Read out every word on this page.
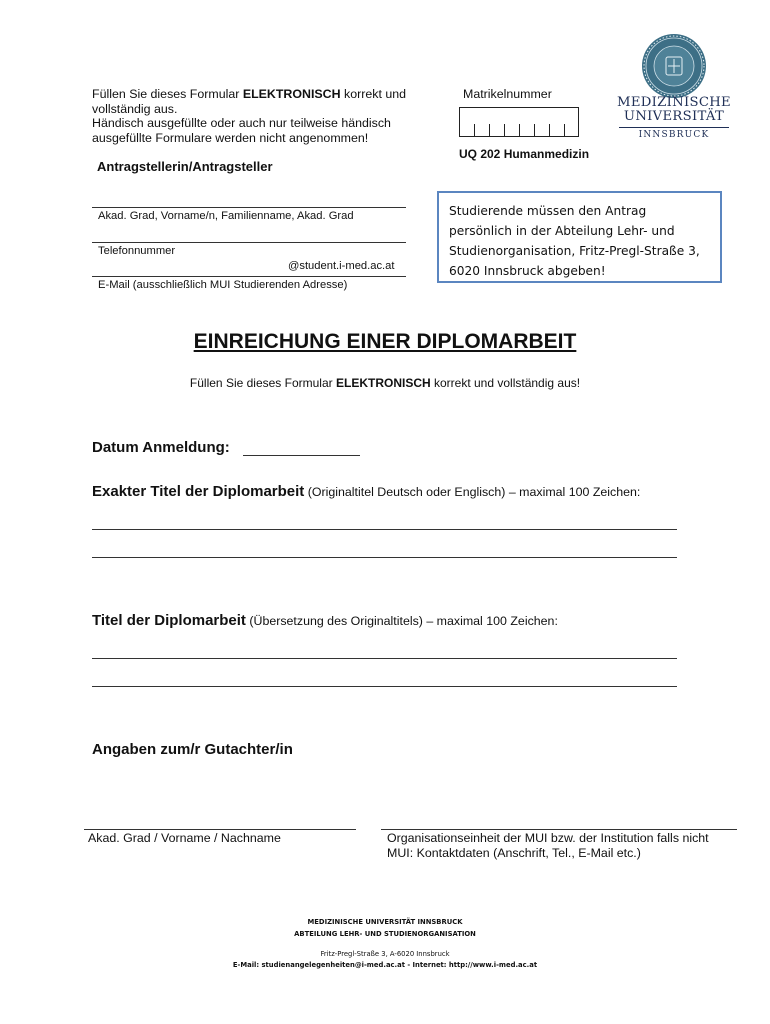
Füllen Sie dieses Formular ELEKTRONISCH korrekt und
vollständig aus.
Händisch ausgefüllte oder auch nur teilweise händisch
ausgefüllte Formulare werden nicht angenommen!
Antragstellerin/Antragsteller
Akad. Grad, Vorname/n, Familienname, Akad. Grad
Telefonnummer
@student.i-med.ac.at
E-Mail (ausschließlich MUI Studierenden Adresse)
Matrikelnummer
UQ 202 Humanmedizin
MEDIZINISCHE
UNIVERSITÄT
INNSBRUCK
Studierende müssen den Antrag
persönlich in der Abteilung Lehr- und
Studienorganisation, Fritz-Pregl-Straße 3,
6020 Innsbruck abgeben!
EINREICHUNG EINER DIPLOMARBEIT
Füllen Sie dieses Formular ELEKTRONISCH korrekt und vollständig aus!
Datum Anmeldung:
Exakter Titel der Diplomarbeit (Originaltitel Deutsch oder Englisch) – maximal 100 Zeichen:
Titel der Diplomarbeit (Übersetzung des Originaltitels) – maximal 100 Zeichen:
Angaben zum/r Gutachter/in
Akad. Grad / Vorname / Nachname	Organisationseinheit der MUI bzw. der Institution falls nicht
MUI: Kontaktdaten (Anschrift, Tel., E-Mail etc.)
MEDIZINISCHE UNIVERSITÄT INNSBRUCK
ABTEILUNG LEHR- UND STUDIENORGANISATION
Fritz-Pregl-Straße 3, A-6020 Innsbruck
E-Mail: studienangelegenheiten@i-med.ac.at - Internet: http://www.i-med.ac.at
